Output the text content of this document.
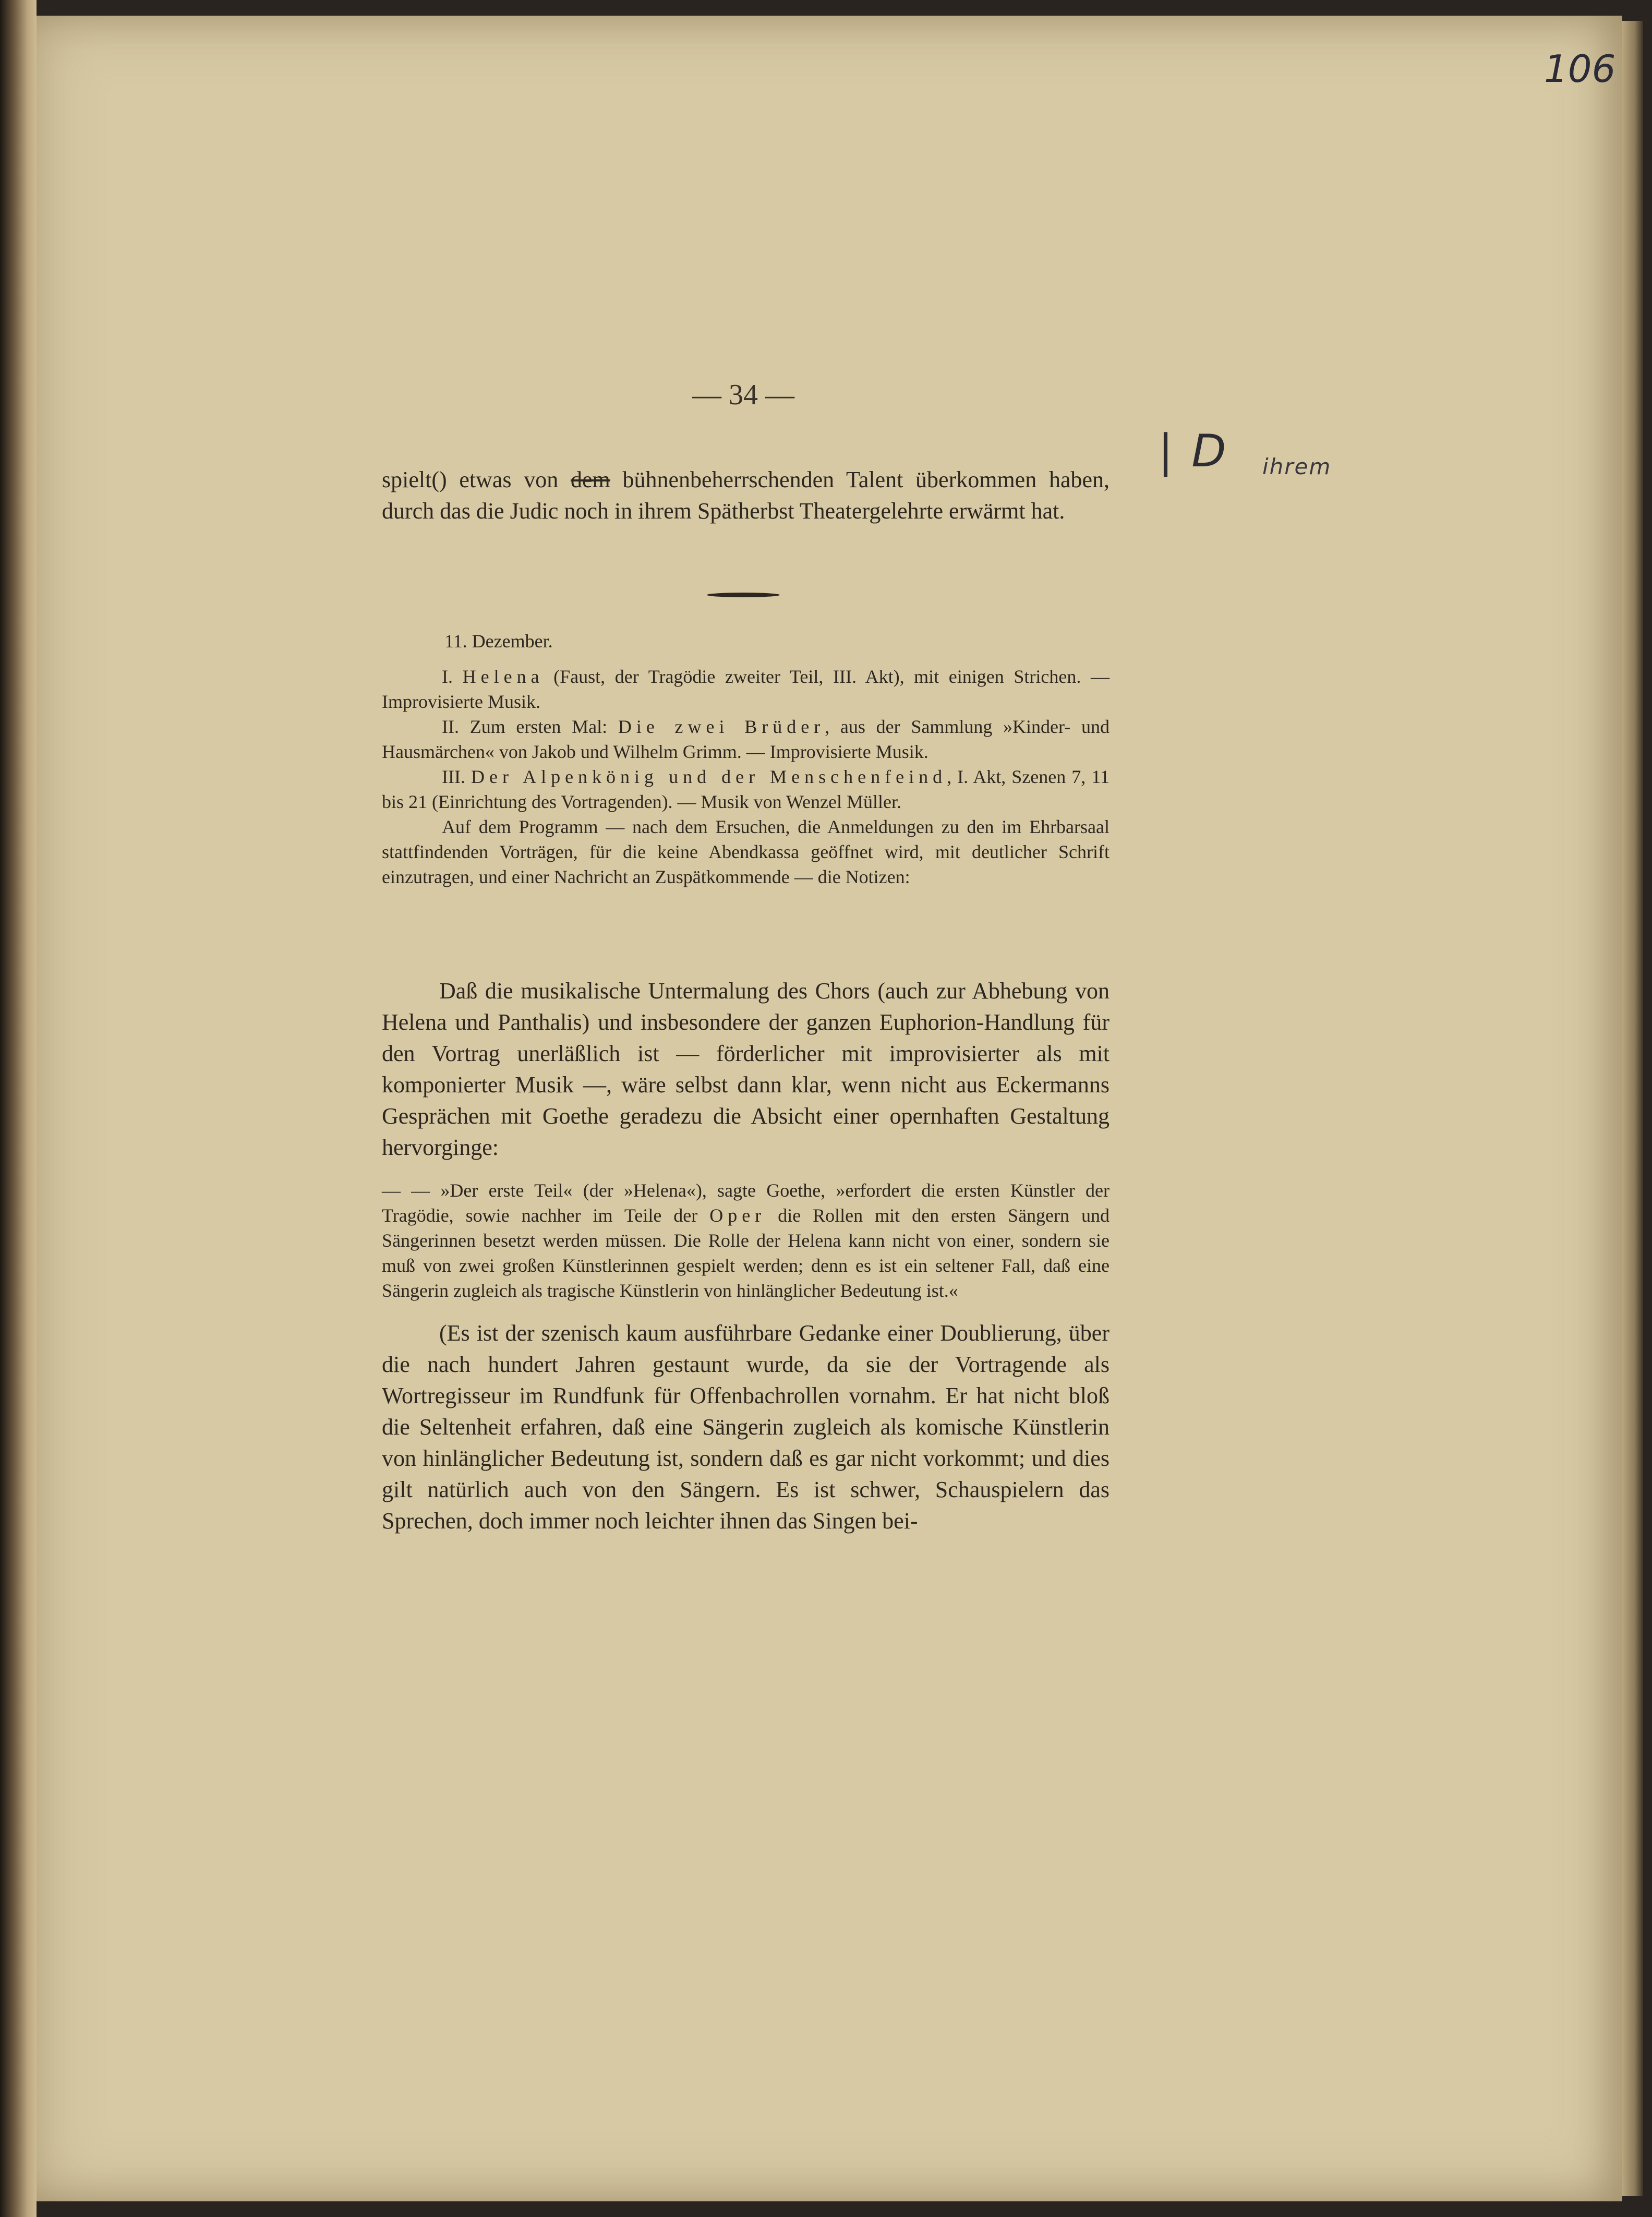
106
— 34 —
| D ihrem

spielt() etwas von dem bühnenbeherrschenden Talent überkommen haben, durch das die Judic noch in ihrem Spätherbst Theatergelehrte erwärmt hat.

11. Dezember.

I. Helena (Faust, der Tragödie zweiter Teil, III. Akt), mit einigen Strichen. — Improvisierte Musik.

II. Zum ersten Mal: Die zwei Brüder, aus der Sammlung »Kinder- und Hausmärchen« von Jakob und Wilhelm Grimm. — Improvisierte Musik.

III. Der Alpenkönig und der Menschenfeind, I. Akt, Szenen 7, 11 bis 21 (Einrichtung des Vortragenden). — Musik von Wenzel Müller.

Auf dem Programm — nach dem Ersuchen, die Anmeldungen zu den im Ehrbarsaal stattfindenden Vorträgen, für die keine Abendkassa geöffnet wird, mit deutlicher Schrift einzutragen, und einer Nachricht an Zuspätkommende — die Notizen:

Daß die musikalische Untermalung des Chors (auch zur Abhebung von Helena und Panthalis) und insbesondere der ganzen Euphorion-Handlung für den Vortrag unerläßlich ist — förderlicher mit improvisierter als mit komponierter Musik —, wäre selbst dann klar, wenn nicht aus Eckermanns Gesprächen mit Goethe geradezu die Absicht einer opernhaften Gestaltung hervorginge:

— — »Der erste Teil« (der »Helena«), sagte Goethe, »erfordert die ersten Künstler der Tragödie, sowie nachher im Teile der Oper die Rollen mit den ersten Sängern und Sängerinnen besetzt werden müssen. Die Rolle der Helena kann nicht von einer, sondern sie muß von zwei großen Künstlerinnen gespielt werden; denn es ist ein seltener Fall, daß eine Sängerin zugleich als tragische Künstlerin von hinlänglicher Bedeutung ist.«

(Es ist der szenisch kaum ausführbare Gedanke einer Doublierung, über die nach hundert Jahren gestaunt wurde, da sie der Vortragende als Wortregisseur im Rundfunk für Offenbachrollen vornahm. Er hat nicht bloß die Seltenheit erfahren, daß eine Sängerin zugleich als komische Künstlerin von hinlänglicher Bedeutung ist, sondern daß es gar nicht vorkommt; und dies gilt natürlich auch von den Sängern. Es ist schwer, Schauspielern das Sprechen, doch immer noch leichter ihnen das Singen bei-
